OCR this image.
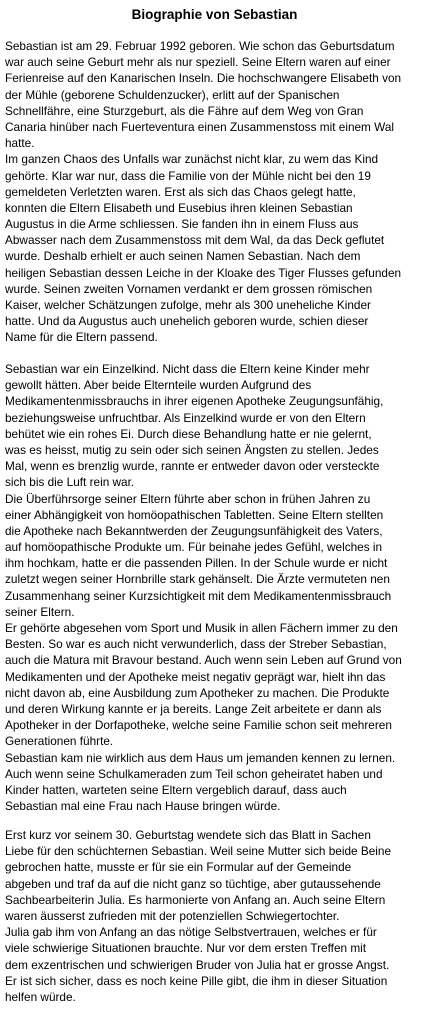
Biographie von Sebastian
Sebastian ist am 29. Februar 1992 geboren. Wie schon das Geburtsdatum
war auch seine Geburt mehr als nur speziell. Seine Eltern waren auf einer
Ferienreise auf den Kanarischen Inseln. Die hochschwangere Elisabeth von
der Mühle (geborene Schuldenzucker), erlitt auf der Spanischen
Schnellfähre, eine Sturzgeburt, als die Fähre auf dem Weg von Gran
Canaria hinüber nach Fuerteventura einen Zusammenstoss mit einem Wal
hatte.
Im ganzen Chaos des Unfalls war zunächst nicht klar, zu wem das Kind
gehörte. Klar war nur, dass die Familie von der Mühle nicht bei den 19
gemeldeten Verletzten waren. Erst als sich das Chaos gelegt hatte,
konnten die Eltern Elisabeth und Eusebius ihren kleinen Sebastian
Augustus in die Arme schliessen. Sie fanden ihn in einem Fluss aus
Abwasser nach dem Zusammenstoss mit dem Wal, da das Deck geflutet
wurde. Deshalb erhielt er auch seinen Namen Sebastian. Nach dem
heiligen Sebastian dessen Leiche in der Kloake des Tiger Flusses gefunden
wurde. Seinen zweiten Vornamen verdankt er dem grossen römischen
Kaiser, welcher Schätzungen zufolge, mehr als 300 uneheliche Kinder
hatte. Und da Augustus auch unehelich geboren wurde, schien dieser
Name für die Eltern passend.
Sebastian war ein Einzelkind. Nicht dass die Eltern keine Kinder mehr
gewollt hätten. Aber beide Elternteile wurden Aufgrund des
Medikamentenmissbrauchs in ihrer eigenen Apotheke Zeugungsunfähig,
beziehungsweise unfruchtbar. Als Einzelkind wurde er von den Eltern
behütet wie ein rohes Ei. Durch diese Behandlung hatte er nie gelernt,
was es heisst, mutig zu sein oder sich seinen Ängsten zu stellen. Jedes
Mal, wenn es brenzlig wurde, rannte er entweder davon oder versteckte
sich bis die Luft rein war.
Die Überführsorge seiner Eltern führte aber schon in frühen Jahren zu
einer Abhängigkeit von homöopathischen Tabletten. Seine Eltern stellten
die Apotheke nach Bekanntwerden der Zeugungsunfähigkeit des Vaters,
auf homöopathische Produkte um. Für beinahe jedes Gefühl, welches in
ihm hochkam, hatte er die passenden Pillen. In der Schule wurde er nicht
zuletzt wegen seiner Hornbrille stark gehänselt. Die Ärzte vermuteten nen
Zusammenhang seiner Kurzsichtigkeit mit dem Medikamentenmissbrauch
seiner Eltern.
Er gehörte abgesehen vom Sport und Musik in allen Fächern immer zu den
Besten. So war es auch nicht verwunderlich, dass der Streber Sebastian,
auch die Matura mit Bravour bestand. Auch wenn sein Leben auf Grund von
Medikamenten und der Apotheke meist negativ geprägt war, hielt ihn das
nicht davon ab, eine Ausbildung zum Apotheker zu machen. Die Produkte
und deren Wirkung kannte er ja bereits. Lange Zeit arbeitete er dann als
Apotheker in der Dorfapotheke, welche seine Familie schon seit mehreren
Generationen führte.
Sebastian kam nie wirklich aus dem Haus um jemanden kennen zu lernen.
Auch wenn seine Schulkameraden zum Teil schon geheiratet haben und
Kinder hatten, warteten seine Eltern vergeblich darauf, dass auch
Sebastian mal eine Frau nach Hause bringen würde.
Erst kurz vor seinem 30. Geburtstag wendete sich das Blatt in Sachen
Liebe für den schüchternen Sebastian. Weil seine Mutter sich beide Beine
gebrochen hatte, musste er für sie ein Formular auf der Gemeinde
abgeben und traf da auf die nicht ganz so tüchtige, aber gutaussehende
Sachbearbeiterin Julia. Es harmonierte von Anfang an. Auch seine Eltern
waren äusserst zufrieden mit der potenziellen Schwiegertochter.
Julia gab ihm von Anfang an das nötige Selbstvertrauen, welches er für
viele schwierige Situationen brauchte. Nur vor dem ersten Treffen mit
dem exzentrischen und schwierigen Bruder von Julia hat er grosse Angst.
Er ist sich sicher, dass es noch keine Pille gibt, die ihm in dieser Situation
helfen würde.
